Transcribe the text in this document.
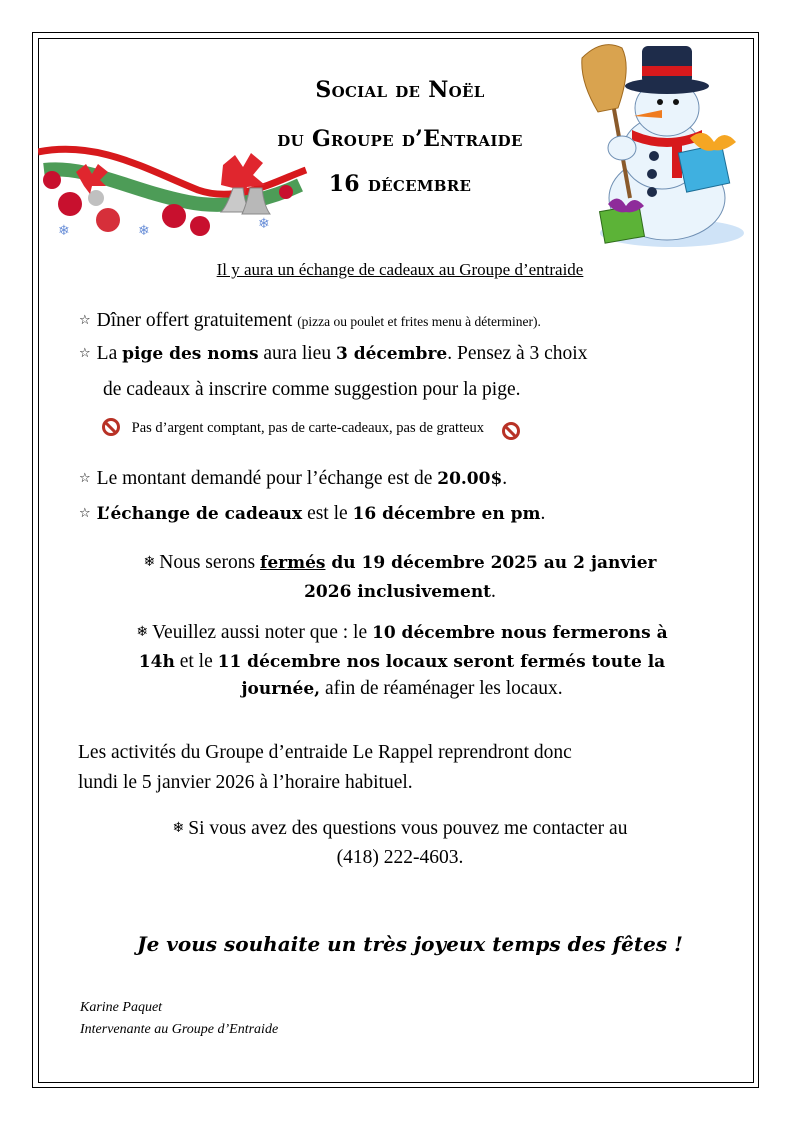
❄
❄	❄
Social de Noël
du Groupe d’Entraide
16 décembre
Il y aura un échange de cadeaux au Groupe d’entraide
☆ Dîner offert gratuitement (pizza ou poulet et frites menu à déterminer).
☆ La pige des noms aura lieu 3 décembre. Pensez à 3 choix
de cadeaux à inscrire comme suggestion pour la pige.
Pas d’argent comptant, pas de carte-cadeaux, pas de gratteux
☆ Le montant demandé pour l’échange est de 20.00$.
☆ L’échange de cadeaux est le 16 décembre en pm.
❄ Nous serons fermés du 19 décembre 2025 au 2 janvier
2026 inclusivement.
❄ Veuillez aussi noter que : le 10 décembre nous fermerons à
14h et le 11 décembre nos locaux seront fermés toute la
journée, afin de réaménager les locaux.
Les activités du Groupe d’entraide Le Rappel reprendront donc
lundi le 5 janvier 2026 à l’horaire habituel.
❄ Si vous avez des questions vous pouvez me contacter au
(418) 222-4603.
Je vous souhaite un très joyeux temps des fêtes !
Karine Paquet
Intervenante au Groupe d’Entraide
